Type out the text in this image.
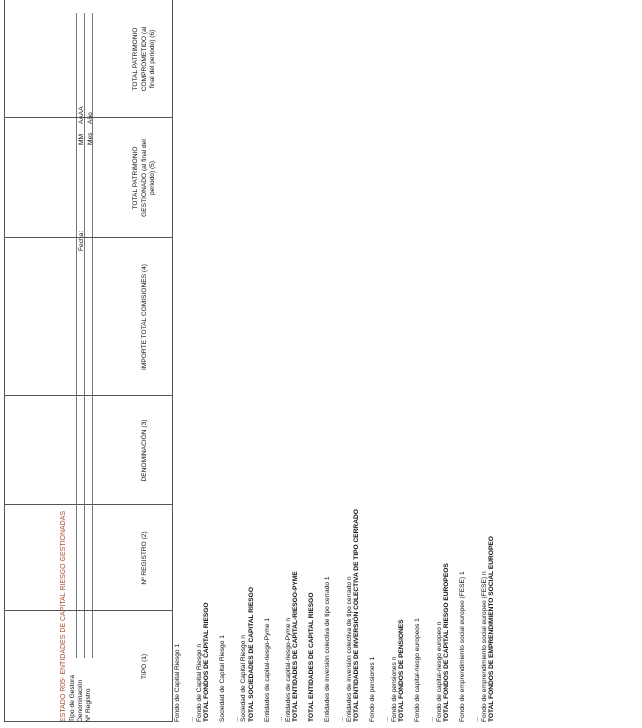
ESTADO R05- ENTIDADES DE CAPITAL RIESGO GESTIONADAS Tipo de Gestora Denominación Nº Registro
Fecha:
MM Mes
AAAA Año
TIPO (1)
Nº REGISTRO (2)
DENOMINACIÓN (3)
IMPORTE TOTAL COMISIONES (4)
TOTAL PATRIMONIO
GESTIONADO (al final del
periodo) (5)
TOTAL PATRIMONIO
COMPROMETIDO (al
final del periodo) (6)
Fondo de Capital Riesgo 1 ... Fondo de Capital Riesgo n TOTAL FONDOS DE CAPITAL RIESGO Sociedad de Capital Riesgo 1 ... Sociedad de Capital Riesgo n TOTAL SOCIEDADES DE CAPITAL RIESGO Entidades de capital-riesgo-Pyme 1 ... Entidades de capital-riesgo-Pyme n TOTAL ENTIDADES DE CAPITAL-RIESGO-PYME TOTAL ENTIDADES DE CAPITAL RIESGO Entidades de inversión colectiva de tipo cerrado 1 ... Entidades de inversión colectiva de tipo cerrado n TOTAL ENTIDADES DE INVERSIÓN COLECTIVA DE TIPO CERRADO Fondo de pensiones 1 ... Fondo de pensiones n TOTAL FONDOS DE PENSIONES Fondo de capital-riesgo europeos 1 ... Fondo de capital-riesgo europeo n TOTAL FONDOS DE CAPITAL RIESGO EUROPEOS Fondo de emprendimiento social europeo (FESE) 1 ... Fondo de emprendimiento social europeo (FESE) n TOTAL FONDOS DE EMPRENDIMIENTO SOCIAL EUROPEO
